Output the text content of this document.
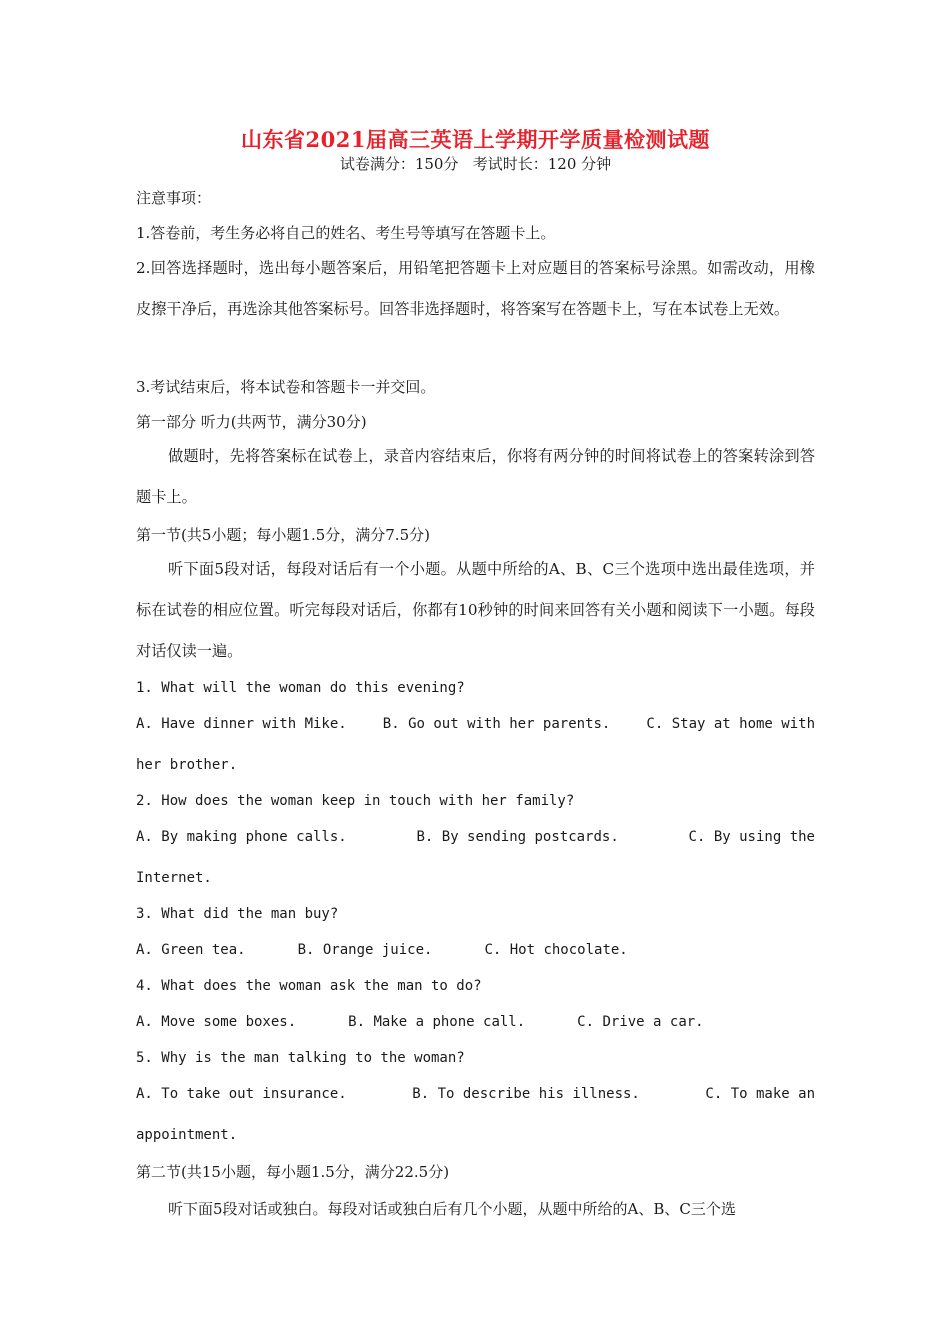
山东省2021届高三英语上学期开学质量检测试题
试卷满分：150分   考试时长：120 分钟
注意事项：
1.答卷前，考生务必将自己的姓名、考生号等填写在答题卡上。
2.回答选择题时，选出每小题答案后，用铅笔把答题卡上对应题目的答案标号涂黑。如需改动，用橡皮擦干净后，再选涂其他答案标号。回答非选择题时，将答案写在答题卡上，写在本试卷上无效。
3.考试结束后，将本试卷和答题卡一并交回。
第一部分 听力(共两节，满分30分)
做题时，先将答案标在试卷上，录音内容结束后，你将有两分钟的时间将试卷上的答案转涂到答题卡上。
第一节(共5小题；每小题1.5分，满分7.5分)
听下面5段对话，每段对话后有一个小题。从题中所给的A、B、C三个选项中选出最佳选项，并标在试卷的相应位置。听完每段对话后，你都有10秒钟的时间来回答有关小题和阅读下一小题。每段对话仅读一遍。
1. What will the woman do this evening?
A. Have dinner with Mike.	B. Go out with her parents.	C. Stay at home with
her brother.
2. How does the woman keep in touch with her family?
A. By making phone calls.	B. By sending postcards.	C. By using the
Internet.
3. What did the man buy?
A. Green tea.	B. Orange juice.	C. Hot chocolate.
4. What does the woman ask the man to do?
A. Move some boxes.	B. Make a phone call.	C. Drive a car.
5. Why is the man talking to the woman?
A. To take out insurance.	B. To describe his illness.	C. To make an
appointment.
第二节(共15小题，每小题1.5分，满分22.5分)
听下面5段对话或独白。每段对话或独白后有几个小题，从题中所给的A、B、C三个选
